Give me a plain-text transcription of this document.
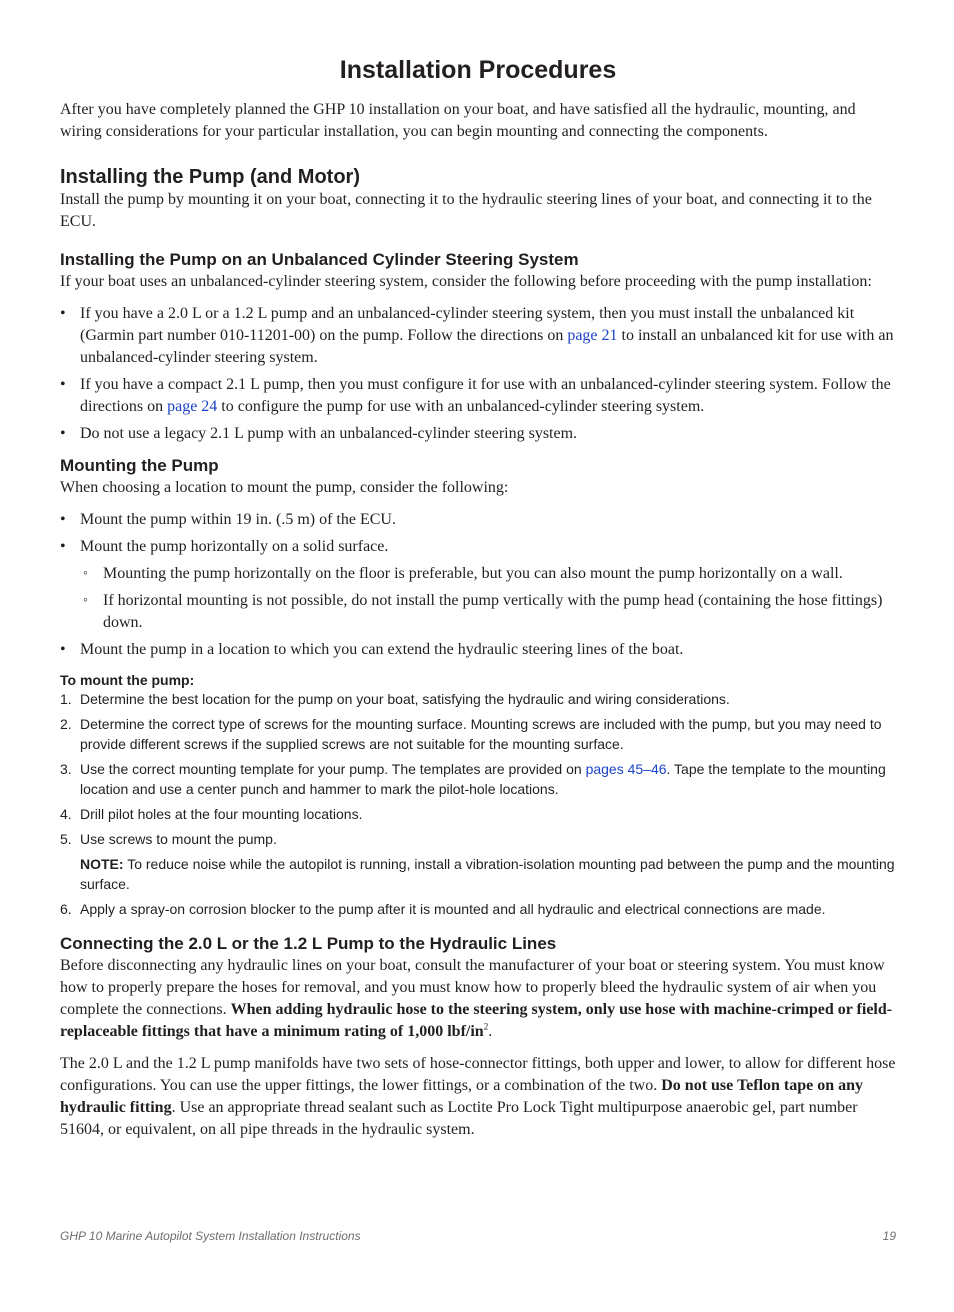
Installation Procedures

After you have completely planned the GHP 10 installation on your boat, and have satisfied all the hydraulic, mounting, and wiring considerations for your particular installation, you can begin mounting and connecting the components.

Installing the Pump (and Motor)

Install the pump by mounting it on your boat, connecting it to the hydraulic steering lines of your boat, and connecting it to the ECU.

Installing the Pump on an Unbalanced Cylinder Steering System

If your boat uses an unbalanced-cylinder steering system, consider the following before proceeding with the pump installation:

• If you have a 2.0 L or a 1.2 L pump and an unbalanced-cylinder steering system, then you must install the unbalanced kit (Garmin part number 010-11201-00) on the pump. Follow the directions on page 21 to install an unbalanced kit for use with an unbalanced-cylinder steering system.
• If you have a compact 2.1 L pump, then you must configure it for use with an unbalanced-cylinder steering system. Follow the directions on page 24 to configure the pump for use with an unbalanced-cylinder steering system.
• Do not use a legacy 2.1 L pump with an unbalanced-cylinder steering system.
Mounting the Pump

When choosing a location to mount the pump, consider the following:

• Mount the pump within 19 in. (.5 m) of the ECU.
• Mount the pump horizontally on a solid surface.
◦ Mounting the pump horizontally on the floor is preferable, but you can also mount the pump horizontally on a wall.
◦ If horizontal mounting is not possible, do not install the pump vertically with the pump head (containing the hose fittings) down.
• Mount the pump in a location to which you can extend the hydraulic steering lines of the boat.

To mount the pump:

1. Determine the best location for the pump on your boat, satisfying the hydraulic and wiring considerations.
2. Determine the correct type of screws for the mounting surface. Mounting screws are included with the pump, but you may need to provide different screws if the supplied screws are not suitable for the mounting surface.
3. Use the correct mounting template for your pump. The templates are provided on pages 45–46. Tape the template to the mounting location and use a center punch and hammer to mark the pilot-hole locations.
4. Drill pilot holes at the four mounting locations.
5. Use screws to mount the pump.
NOTE: To reduce noise while the autopilot is running, install a vibration-isolation mounting pad between the pump and the mounting surface.
6. Apply a spray-on corrosion blocker to the pump after it is mounted and all hydraulic and electrical connections are made.
Connecting the 2.0 L or the 1.2 L Pump to the Hydraulic Lines

Before disconnecting any hydraulic lines on your boat, consult the manufacturer of your boat or steering system. You must know how to properly prepare the hoses for removal, and you must know how to properly bleed the hydraulic system of air when you complete the connections. When adding hydraulic hose to the steering system, only use hose with machine-crimped or field-replaceable fittings that have a minimum rating of 1,000 lbf/$in^2$.

The 2.0 L and the 1.2 L pump manifolds have two sets of hose-connector fittings, both upper and lower, to allow for different hose configurations. You can use the upper fittings, the lower fittings, or a combination of the two. Do not use Teflon tape on any hydraulic fitting. Use an appropriate thread sealant such as Loctite Pro Lock Tight multipurpose anaerobic gel, part number 51604, or equivalent, on all pipe threads in the hydraulic system.

GHP 10 Marine Autopilot System Installation Instructions	19
